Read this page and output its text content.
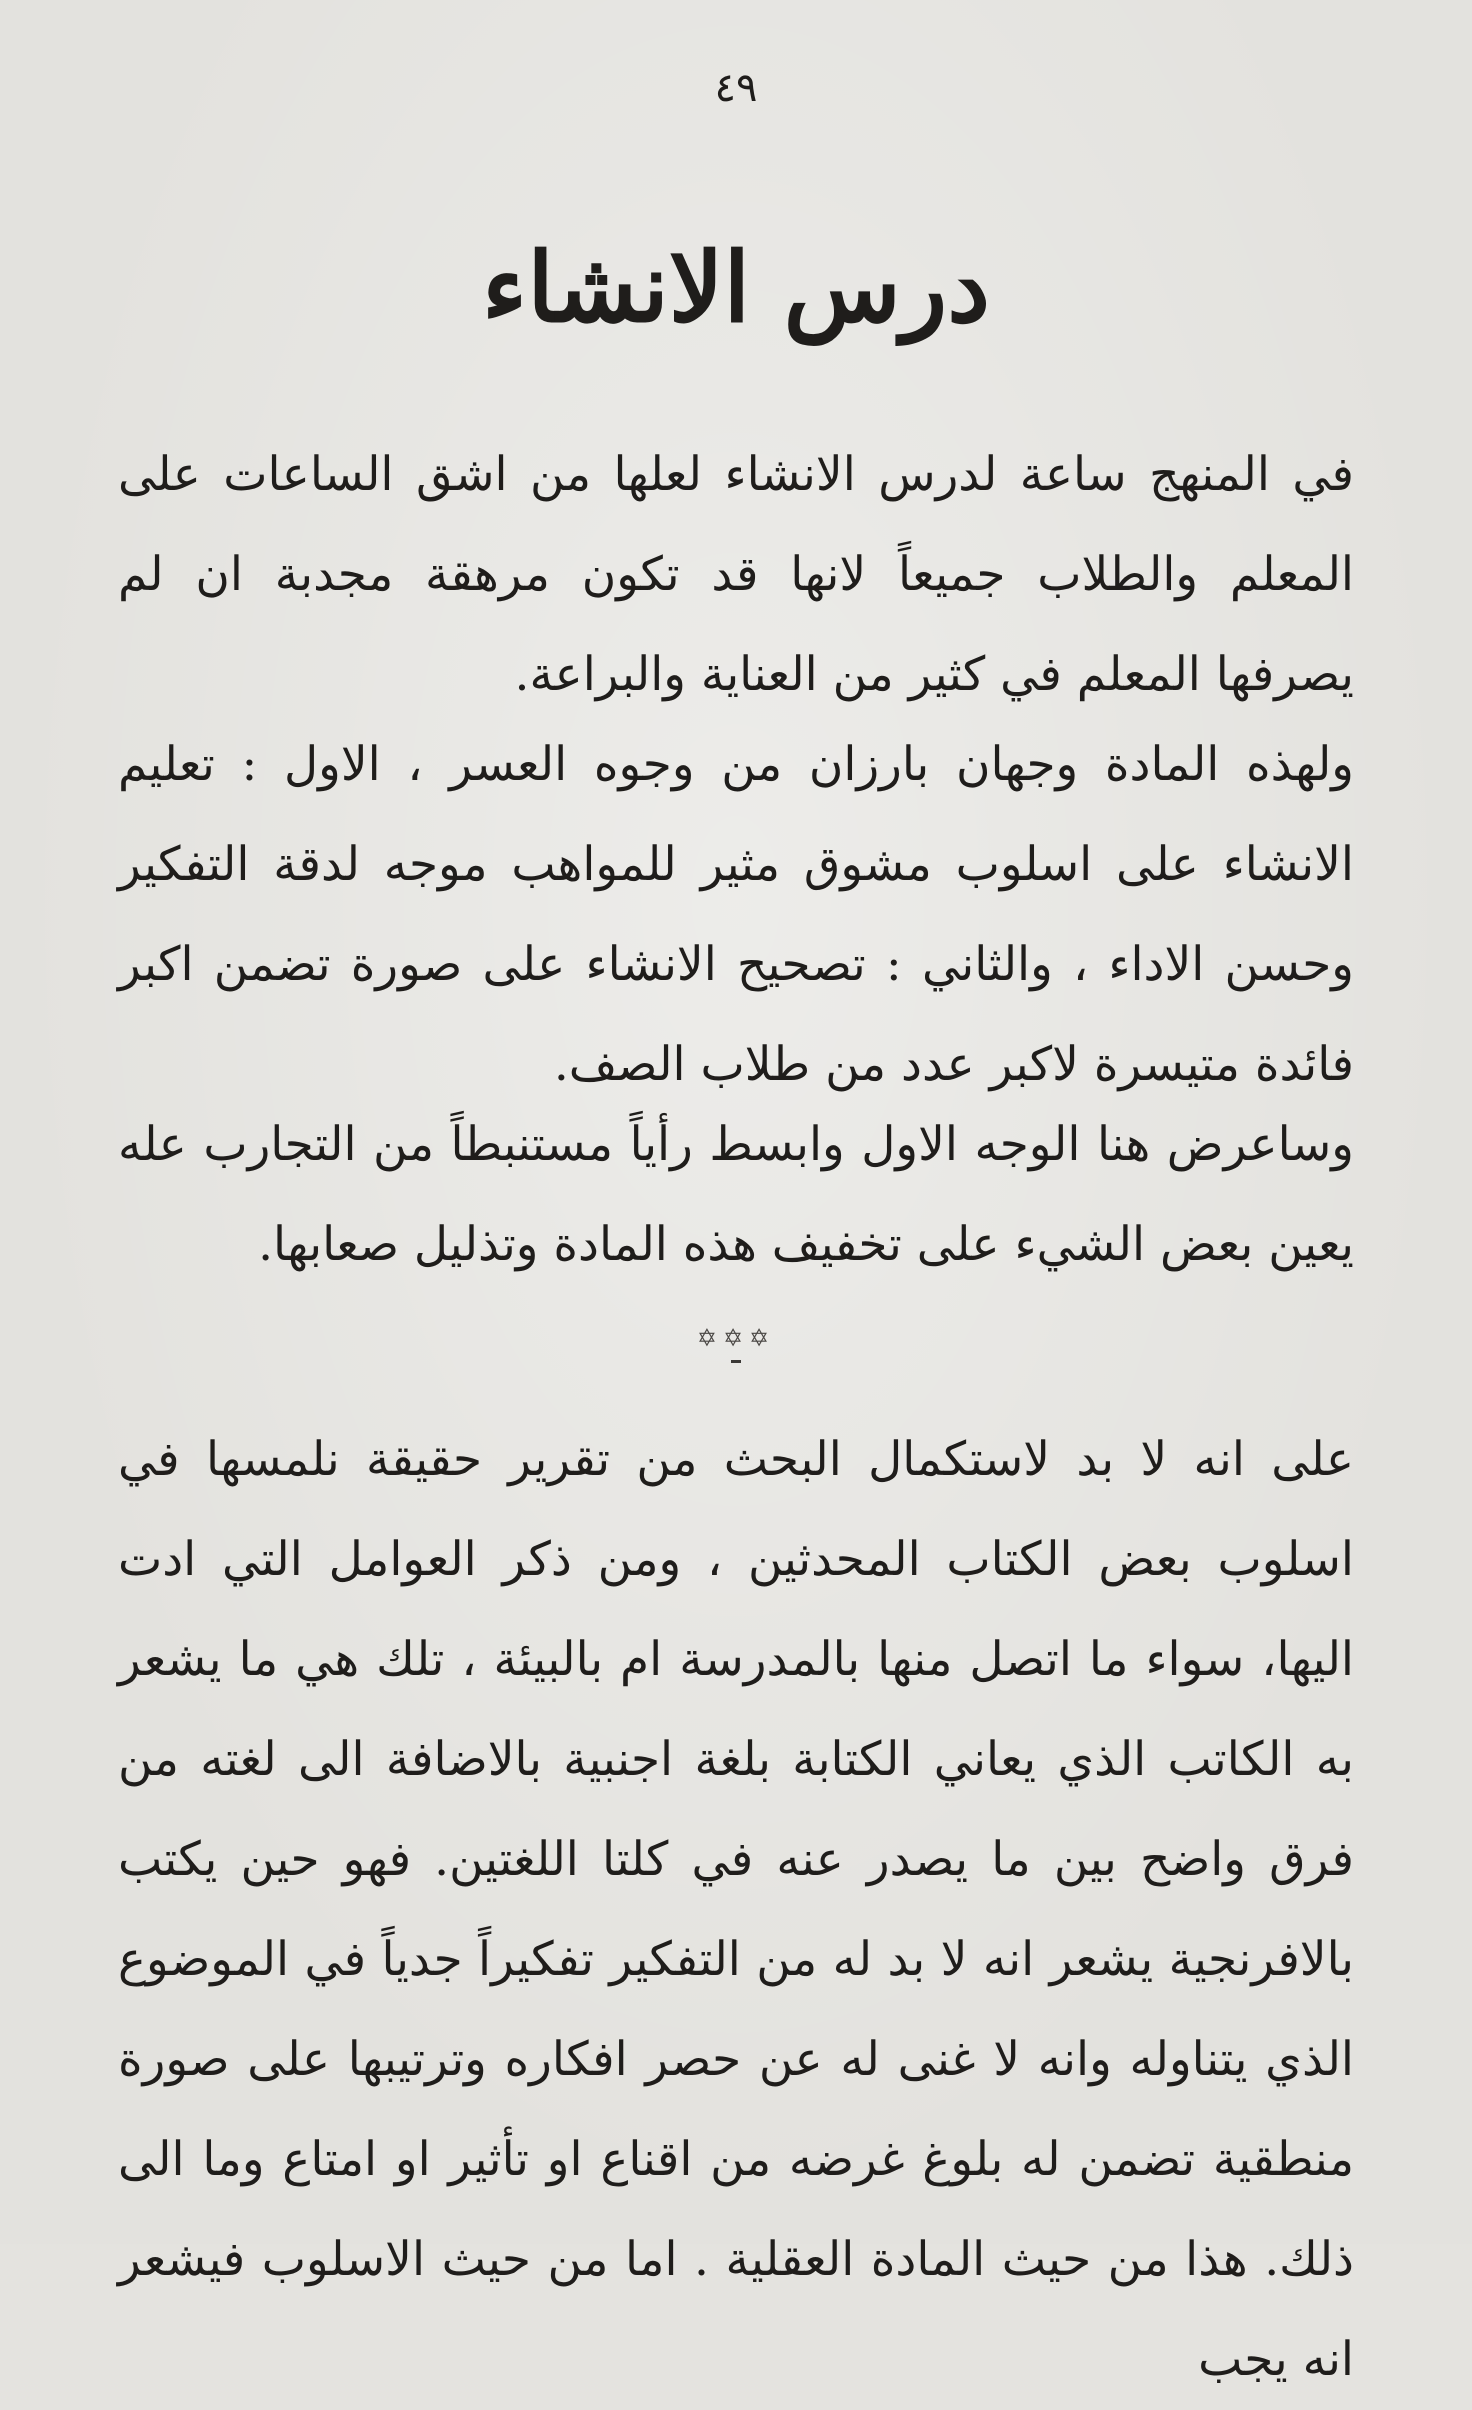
٤٩
درس الانشاء

في المنهج ساعة لدرس الانشاء لعلها من اشق الساعات على المعلم والطلاب جميعاً لانها قد تكون مرهقة مجدبة ان لم يصرفها المعلم في كثير من العناية والبراعة.

ولهذه المادة وجهان بارزان من وجوه العسر ، الاول : تعليم الانشاء على اسلوب مشوق مثير للمواهب موجه لدقة التفكير وحسن الاداء ، والثاني : تصحيح الانشاء على صورة تضمن اكبر فائدة متيسرة لاكبر عدد من طلاب الصف.

وساعرض هنا الوجه الاول وابسط رأياً مستنبطاً من التجارب عله يعين بعض الشيء على تخفيف هذه المادة وتذليل صعابها.

✡✡✡

على انه لا بد لاستكمال البحث من تقرير حقيقة نلمسها في اسلوب بعض الكتاب المحدثين ، ومن ذكر العوامل التي ادت اليها، سواء ما اتصل منها بالمدرسة ام بالبيئة ، تلك هي ما يشعر به الكاتب الذي يعاني الكتابة بلغة اجنبية بالاضافة الى لغته من فرق واضح بين ما يصدر عنه في كلتا اللغتين. فهو حين يكتب بالافرنجية يشعر انه لا بد له من التفكير تفكيراً جدياً في الموضوع الذي يتناوله وانه لا غنى له عن حصر افكاره وترتيبها على صورة منطقية تضمن له بلوغ غرضه من اقناع او تأثير او امتاع وما الى ذلك. هذا من حيث المادة العقلية . اما من حيث الاسلوب فيشعر انه يجب
